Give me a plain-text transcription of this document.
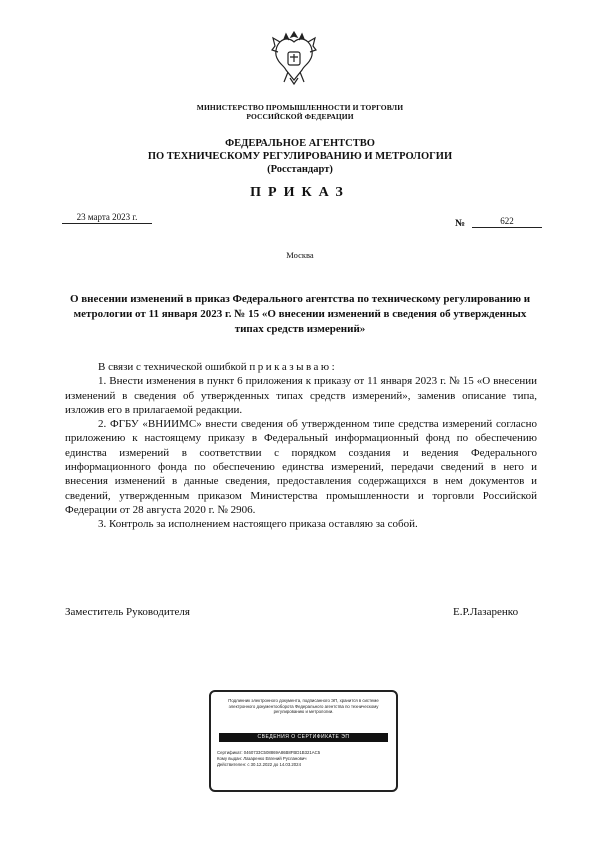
МИНИСТЕРСТВО ПРОМЫШЛЕННОСТИ И ТОРГОВЛИ
РОССИЙСКОЙ ФЕДЕРАЦИИ
ФЕДЕРАЛЬНОЕ АГЕНТСТВО
ПО ТЕХНИЧЕСКОМУ РЕГУЛИРОВАНИЮ И МЕТРОЛОГИИ
(Росстандарт)
ПРИКАЗ
23 марта 2023 г.
№	622
Москва
О внесении изменений в приказ Федерального агентства по техническому регулированию и метрологии от 11 января 2023 г. № 15 «О внесении изменений в сведения об утвержденных типах средств измерений»

В связи с технической ошибкой приказываю:

1. Внести изменения в пункт 6 приложения к приказу от 11 января 2023 г. № 15 «О внесении изменений в сведения об утвержденных типах средств измерений», заменив описание типа, изложив его в прилагаемой редакции.

2. ФГБУ «ВНИИМС» внести сведения об утвержденном типе средства измерений согласно приложению к настоящему приказу в Федеральный информационный фонд по обеспечению единства измерений в соответствии с порядком создания и ведения Федерального информационного фонда по обеспечению единства измерений, передачи сведений в него и внесения изменений в данные сведения, предоставления содержащихся в нем документов и сведений, утвержденным приказом Министерства промышленности и торговли Российской Федерации от 28 августа 2020 г. № 2906.

3. Контроль за исполнением настоящего приказа оставляю за собой.

Заместитель Руководителя	Е.Р.Лазаренко
Подлинник электронного документа, подписанного ЭП, хранится в системе электронного документооборота Федерального агентства по техническому регулированию и метрологии.
СВЕДЕНИЯ О СЕРТИФИКАТЕ ЭП
Сертификат: 0460733C508869A86B8FBD1B321AC5
Кому выдан: Лазаренко Евгений Русланович
Действителен: с 30.12.2022 до 14.03.2024
